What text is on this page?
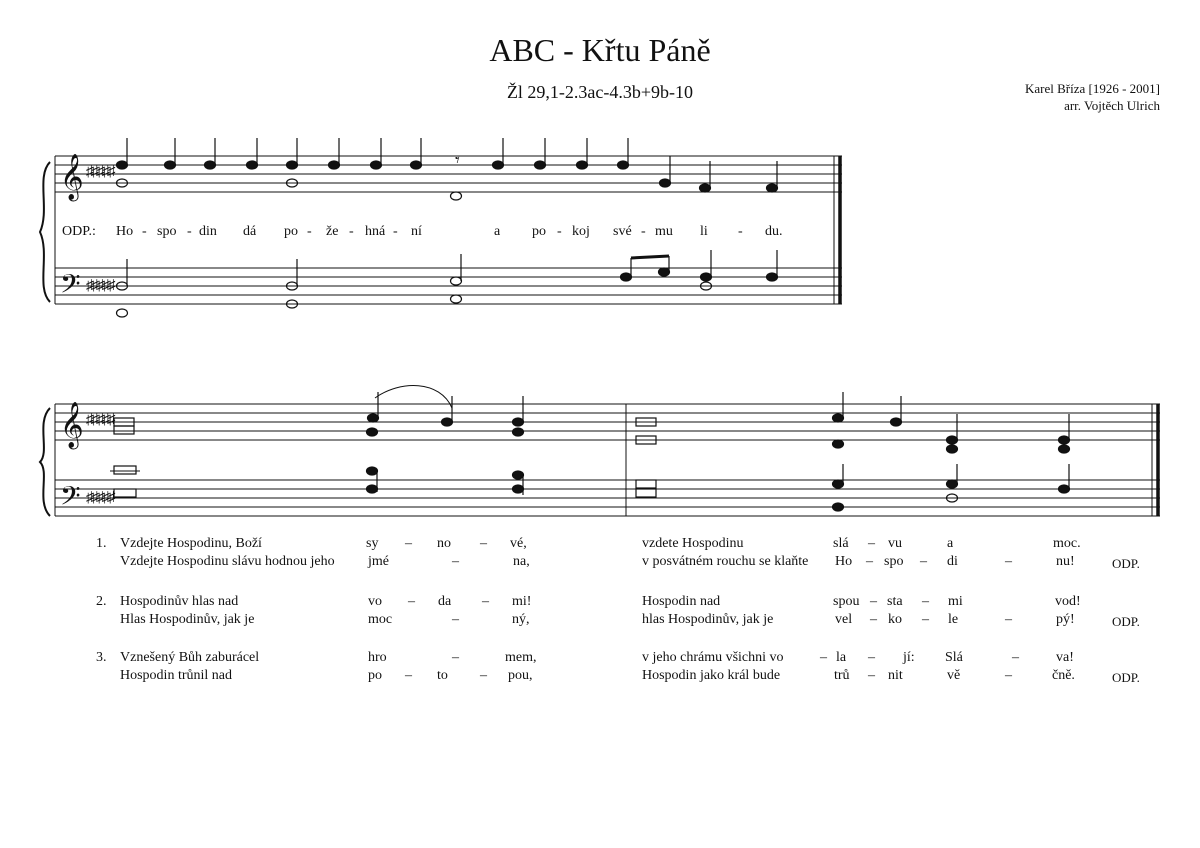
ABC - Křtu Páně
Žl 29,1-2.3ac-4.3b+9b-10	Karel Bříza [1926 - 2001]
arr. Vojtěch Ulrich
𝄞
𝄢
♯♯♯♯♯
♯♯♯♯♯
𝄾
𝄞
𝄢
♯♯♯♯♯
♯♯♯♯♯
ODP.: Ho - spo - din dá po - že - hná - ní	a po - koj své - mu li - du.
1. Vzdejte Hospodinu, Boží	sy – no – vé,	vzdete Hospodinu	slá – vu	a	moc.
Vzdejte Hospodinu slávu hodnou jeho jmé	–	na,	v posvátném rouchu se klaňte Ho – spo – di	–	nu!	ODP.
2. Hospodinův hlas nad	vo – da – mi!	Hospodin nad	spou – sta – mi	vod!
Hlas Hospodinův, jak je	moc	–	ný,	hlas Hospodinův, jak je	vel – ko – le	–	pý!	ODP.
3. Vznešený Bůh zaburácel	hro	–	mem,	v jeho chrámu všichni vo	– la – jí: Slá	–	va!
Hospodin trůnil nad	po – to – pou,	Hospodin jako král bude	trů – nit	vě	–	čně.	ODP.
